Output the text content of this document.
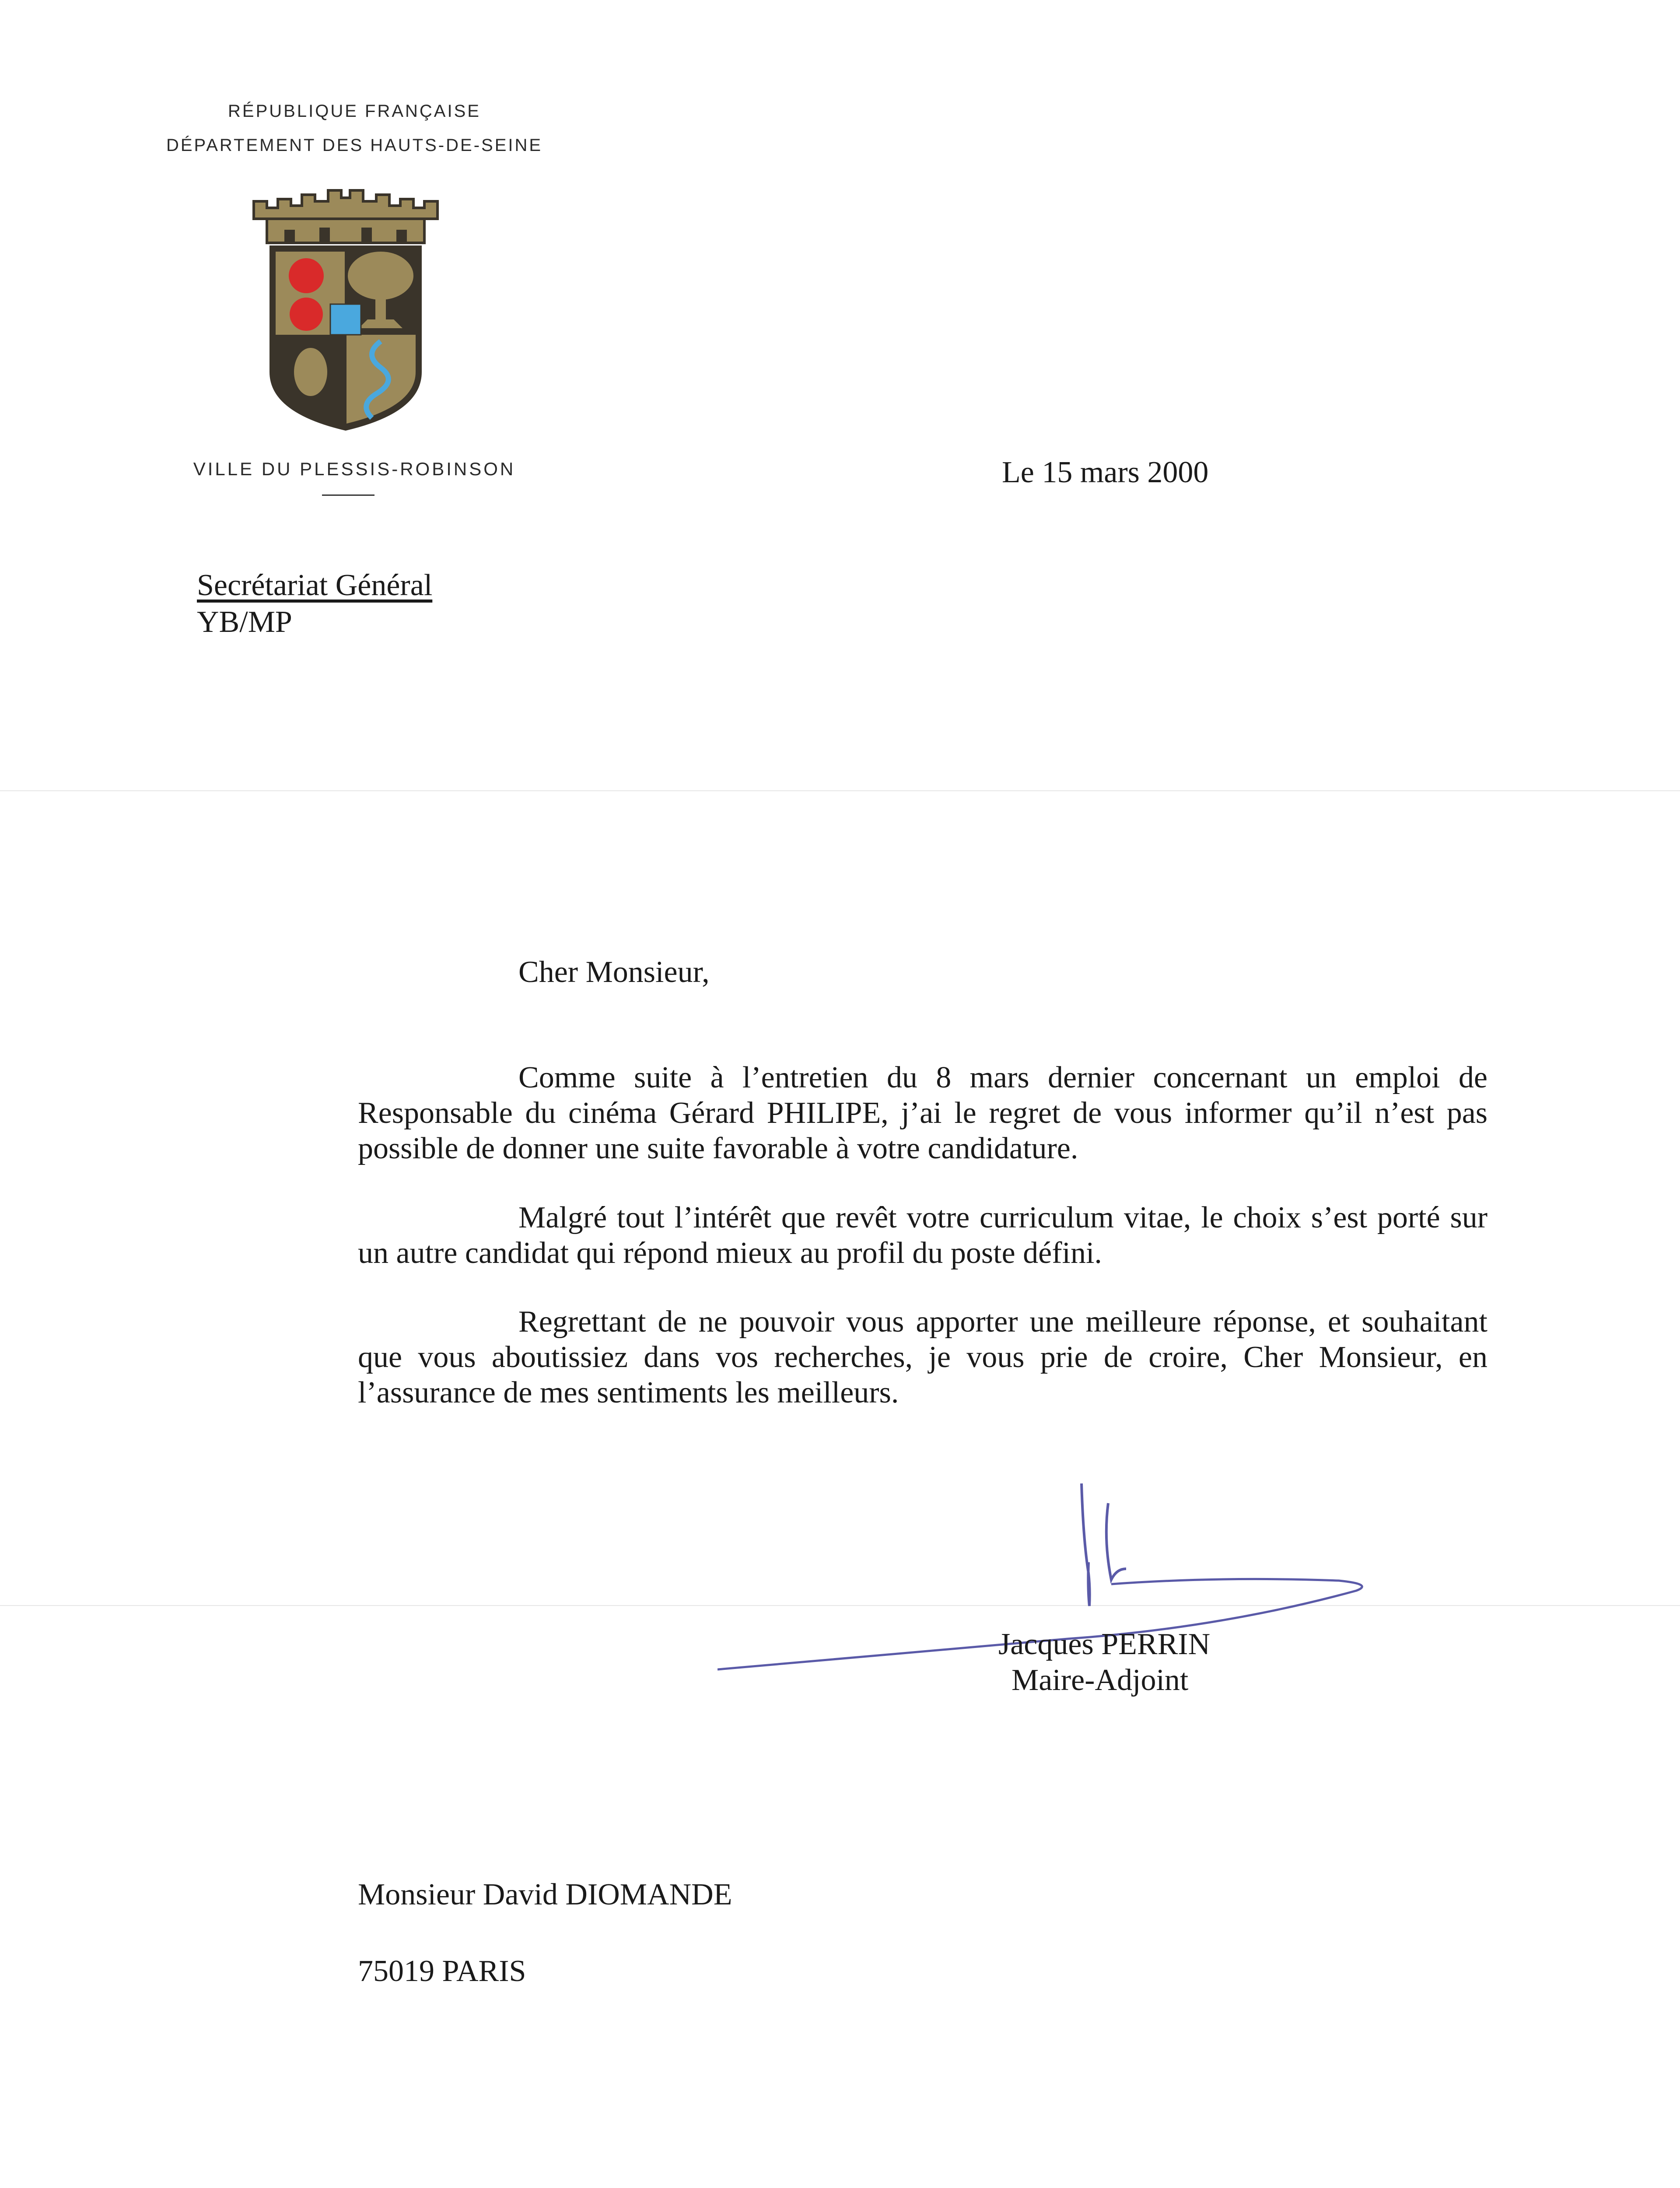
RÉPUBLIQUE FRANÇAISE
DÉPARTEMENT DES HAUTS-DE-SEINE
VILLE DU PLESSIS-ROBINSON	Le 15 mars 2000
Secrétariat Général
YB/MP
Cher Monsieur,

Comme suite à l’entretien du 8 mars dernier concernant un emploi de Responsable du cinéma Gérard PHILIPE, j’ai le regret de vous informer qu’il n’est pas possible de donner une suite favorable à votre candidature.

Malgré tout l’intérêt que revêt votre curriculum vitae, le choix s’est porté sur un autre candidat qui répond mieux au profil du poste défini.

Regrettant de ne pouvoir vous apporter une meilleure réponse, et souhaitant que vous aboutissiez dans vos recherches, je vous prie de croire, Cher Monsieur, en l’assurance de mes sentiments les meilleurs.

Jacques PERRIN
Maire-Adjoint
Monsieur David DIOMANDE
75019 PARIS
